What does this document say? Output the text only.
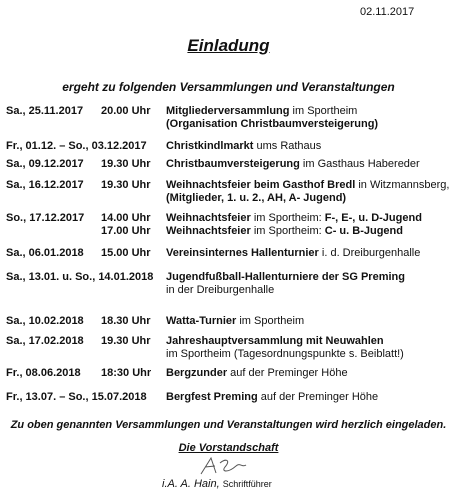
02.11.2017
Einladung
ergeht zu folgenden Versammlungen und Veranstaltungen
Sa., 25.11.2017 20.00 Uhr Mitgliederversammlung im Sportheim
(Organisation Christbaumversteigerung)
Fr., 01.12. – So., 03.12.2017 Christkindlmarkt ums Rathaus
Sa., 09.12.2017 19.30 Uhr Christbaumversteigerung im Gasthaus Habereder
Sa., 16.12.2017 19.30 Uhr Weihnachtsfeier beim Gasthof Bredl in Witzmannsberg,
(Mitglieder, 1. u. 2., AH, A- Jugend)
So., 17.12.2017 14.00 Uhr
17.00 Uhr
Weihnachtsfeier im Sportheim: F-, E-, u. D-Jugend
Weihnachtsfeier im Sportheim: C- u. B-Jugend
Sa., 06.01.2018 15.00 Uhr Vereinsinternes Hallenturnier i. d. Dreiburgenhalle
Sa., 13.01. u. So., 14.01.2018 Jugendfußball-Hallenturniere der SG Preming
in der Dreiburgenhalle
Sa., 10.02.2018 18.30 Uhr Watta-Turnier im Sportheim
Sa., 17.02.2018 19.30 Uhr Jahreshauptversammlung mit Neuwahlen
im Sportheim (Tagesordnungspunkte s. Beiblatt!)
Fr., 08.06.2018 18:30 Uhr Bergzunder auf der Preminger Höhe
Fr., 13.07. – So., 15.07.2018 Bergfest Preming auf der Preminger Höhe
Zu oben genannten Versammlungen und Veranstaltungen wird herzlich eingeladen.
Die Vorstandschaft
i.A. A. Hain, Schriftführer
